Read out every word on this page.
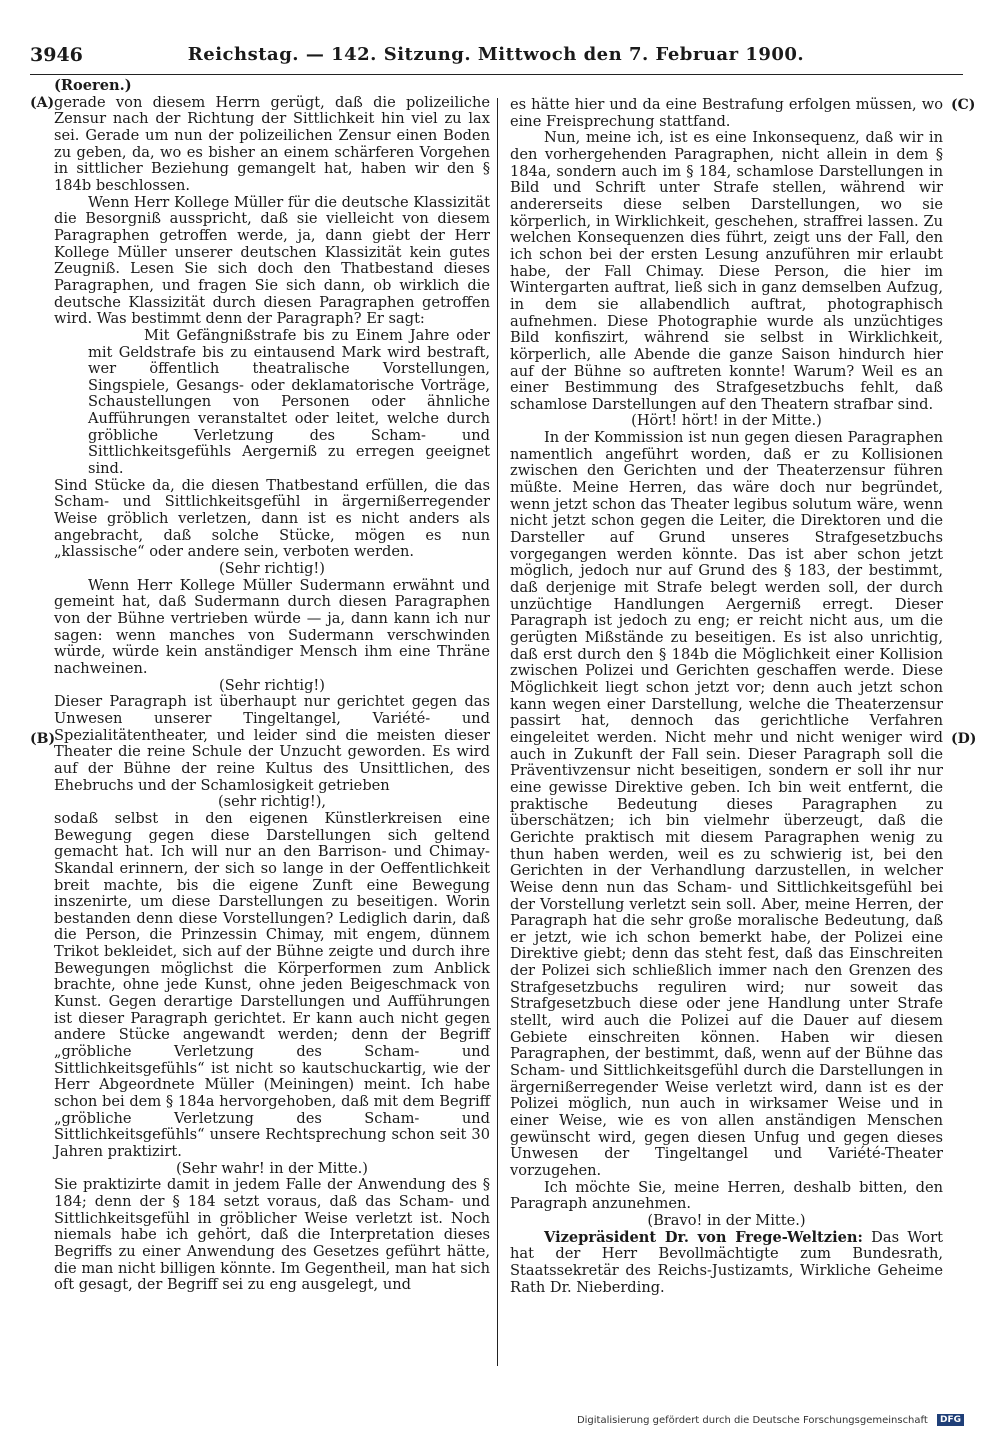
Reichstag. — 142. Sitzung. Mittwoch den 7. Februar 1900.
3946
(A)
(B)
(C)
(D)

(Roeren.)

gerade von diesem Herrn gerügt, daß die polizeiliche Zensur nach der Richtung der Sittlichkeit hin viel zu lax sei. Gerade um nun der polizeilichen Zensur einen Boden zu geben, da, wo es bisher an einem schärferen Vorgehen in sittlicher Beziehung gemangelt hat, haben wir den § 184b beschlossen.

Wenn Herr Kollege Müller für die deutsche Klassizität die Besorgniß ausspricht, daß sie vielleicht von diesem Paragraphen getroffen werde, ja, dann giebt der Herr Kollege Müller unserer deutschen Klassizität kein gutes Zeugniß. Lesen Sie sich doch den Thatbestand dieses Paragraphen, und fragen Sie sich dann, ob wirklich die deutsche Klassizität durch diesen Paragraphen getroffen wird. Was bestimmt denn der Paragraph? Er sagt:

Mit Gefängnißstrafe bis zu Einem Jahre oder mit Geldstrafe bis zu eintausend Mark wird bestraft, wer öffentlich theatralische Vorstellungen, Singspiele, Gesangs- oder deklamatorische Vorträge, Schaustellungen von Personen oder ähnliche Aufführungen veranstaltet oder leitet, welche durch gröbliche Verletzung des Scham- und Sittlichkeitsgefühls Aergerniß zu erregen geeignet sind.

Sind Stücke da, die diesen Thatbestand erfüllen, die das Scham- und Sittlichkeitsgefühl in ärgernißerregender Weise gröblich verletzen, dann ist es nicht anders als angebracht, daß solche Stücke, mögen es nun „klassische“ oder andere sein, verboten werden.

(Sehr richtig!)

Wenn Herr Kollege Müller Sudermann erwähnt und gemeint hat, daß Sudermann durch diesen Paragraphen von der Bühne vertrieben würde — ja, dann kann ich nur sagen: wenn manches von Sudermann verschwinden würde, würde kein anständiger Mensch ihm eine Thräne nachweinen.

(Sehr richtig!)

Dieser Paragraph ist überhaupt nur gerichtet gegen das Unwesen unserer Tingeltangel, Variété- und Spezialitätentheater, und leider sind die meisten dieser Theater die reine Schule der Unzucht geworden. Es wird auf der Bühne der reine Kultus des Unsittlichen, des Ehebruchs und der Schamlosigkeit getrieben

(sehr richtig!),

sodaß selbst in den eigenen Künstlerkreisen eine Bewegung gegen diese Darstellungen sich geltend gemacht hat. Ich will nur an den Barrison- und Chimay-Skandal erinnern, der sich so lange in der Oeffentlichkeit breit machte, bis die eigene Zunft eine Bewegung inszenirte, um diese Darstellungen zu beseitigen. Worin bestanden denn diese Vorstellungen? Lediglich darin, daß die Person, die Prinzessin Chimay, mit engem, dünnem Trikot bekleidet, sich auf der Bühne zeigte und durch ihre Bewegungen möglichst die Körperformen zum Anblick brachte, ohne jede Kunst, ohne jeden Beigeschmack von Kunst. Gegen derartige Darstellungen und Aufführungen ist dieser Paragraph gerichtet. Er kann auch nicht gegen andere Stücke angewandt werden; denn der Begriff „gröbliche Verletzung des Scham- und Sittlichkeitsgefühls“ ist nicht so kautschuckartig, wie der Herr Abgeordnete Müller (Meiningen) meint. Ich habe schon bei dem § 184a hervorgehoben, daß mit dem Begriff „gröbliche Verletzung des Scham- und Sittlichkeitsgefühls“ unsere Rechtsprechung schon seit 30 Jahren praktizirt.

(Sehr wahr! in der Mitte.)

Sie praktizirte damit in jedem Falle der Anwendung des § 184; denn der § 184 setzt voraus, daß das Scham- und Sittlichkeitsgefühl in gröblicher Weise verletzt ist. Noch niemals habe ich gehört, daß die Interpretation dieses Begriffs zu einer Anwendung des Gesetzes geführt hätte, die man nicht billigen könnte. Im Gegentheil, man hat sich oft gesagt, der Begriff sei zu eng ausgelegt, und

es hätte hier und da eine Bestrafung erfolgen müssen, wo eine Freisprechung stattfand.

Nun, meine ich, ist es eine Inkonsequenz, daß wir in den vorhergehenden Paragraphen, nicht allein in dem § 184a, sondern auch im § 184, schamlose Darstellungen in Bild und Schrift unter Strafe stellen, während wir andererseits diese selben Darstellungen, wo sie körperlich, in Wirklichkeit, geschehen, straffrei lassen. Zu welchen Konsequenzen dies führt, zeigt uns der Fall, den ich schon bei der ersten Lesung anzuführen mir erlaubt habe, der Fall Chimay. Diese Person, die hier im Wintergarten auftrat, ließ sich in ganz demselben Aufzug, in dem sie allabendlich auftrat, photographisch aufnehmen. Diese Photographie wurde als unzüchtiges Bild konfiszirt, während sie selbst in Wirklichkeit, körperlich, alle Abende die ganze Saison hindurch hier auf der Bühne so auftreten konnte! Warum? Weil es an einer Bestimmung des Strafgesetzbuchs fehlt, daß schamlose Darstellungen auf den Theatern strafbar sind.

(Hört! hört! in der Mitte.)

In der Kommission ist nun gegen diesen Paragraphen namentlich angeführt worden, daß er zu Kollisionen zwischen den Gerichten und der Theaterzensur führen müßte. Meine Herren, das wäre doch nur begründet, wenn jetzt schon das Theater legibus solutum wäre, wenn nicht jetzt schon gegen die Leiter, die Direktoren und die Darsteller auf Grund unseres Strafgesetzbuchs vorgegangen werden könnte. Das ist aber schon jetzt möglich, jedoch nur auf Grund des § 183, der bestimmt, daß derjenige mit Strafe belegt werden soll, der durch unzüchtige Handlungen Aergerniß erregt. Dieser Paragraph ist jedoch zu eng; er reicht nicht aus, um die gerügten Mißstände zu beseitigen. Es ist also unrichtig, daß erst durch den § 184b die Möglichkeit einer Kollision zwischen Polizei und Gerichten geschaffen werde. Diese Möglichkeit liegt schon jetzt vor; denn auch jetzt schon kann wegen einer Darstellung, welche die Theaterzensur passirt hat, dennoch das gerichtliche Verfahren eingeleitet werden. Nicht mehr und nicht weniger wird auch in Zukunft der Fall sein. Dieser Paragraph soll die Präventivzensur nicht beseitigen, sondern er soll ihr nur eine gewisse Direktive geben. Ich bin weit entfernt, die praktische Bedeutung dieses Paragraphen zu überschätzen; ich bin vielmehr überzeugt, daß die Gerichte praktisch mit diesem Paragraphen wenig zu thun haben werden, weil es zu schwierig ist, bei den Gerichten in der Verhandlung darzustellen, in welcher Weise denn nun das Scham- und Sittlichkeitsgefühl bei der Vorstellung verletzt sein soll. Aber, meine Herren, der Paragraph hat die sehr große moralische Bedeutung, daß er jetzt, wie ich schon bemerkt habe, der Polizei eine Direktive giebt; denn das steht fest, daß das Einschreiten der Polizei sich schließlich immer nach den Grenzen des Strafgesetzbuchs reguliren wird; nur soweit das Strafgesetzbuch diese oder jene Handlung unter Strafe stellt, wird auch die Polizei auf die Dauer auf diesem Gebiete einschreiten können. Haben wir diesen Paragraphen, der bestimmt, daß, wenn auf der Bühne das Scham- und Sittlichkeitsgefühl durch die Darstellungen in ärgernißerregender Weise verletzt wird, dann ist es der Polizei möglich, nun auch in wirksamer Weise und in einer Weise, wie es von allen anständigen Menschen gewünscht wird, gegen diesen Unfug und gegen dieses Unwesen der Tingeltangel und Variété-Theater vorzugehen.

Ich möchte Sie, meine Herren, deshalb bitten, den Paragraph anzunehmen.

(Bravo! in der Mitte.)

Vizepräsident Dr. von Frege-Weltzien: Das Wort hat der Herr Bevollmächtigte zum Bundesrath, Staatssekretär des Reichs-Justizamts, Wirkliche Geheime Rath Dr. Nieberding.

Digitalisierung gefördert durch die Deutsche Forschungsgemeinschaft DFG
